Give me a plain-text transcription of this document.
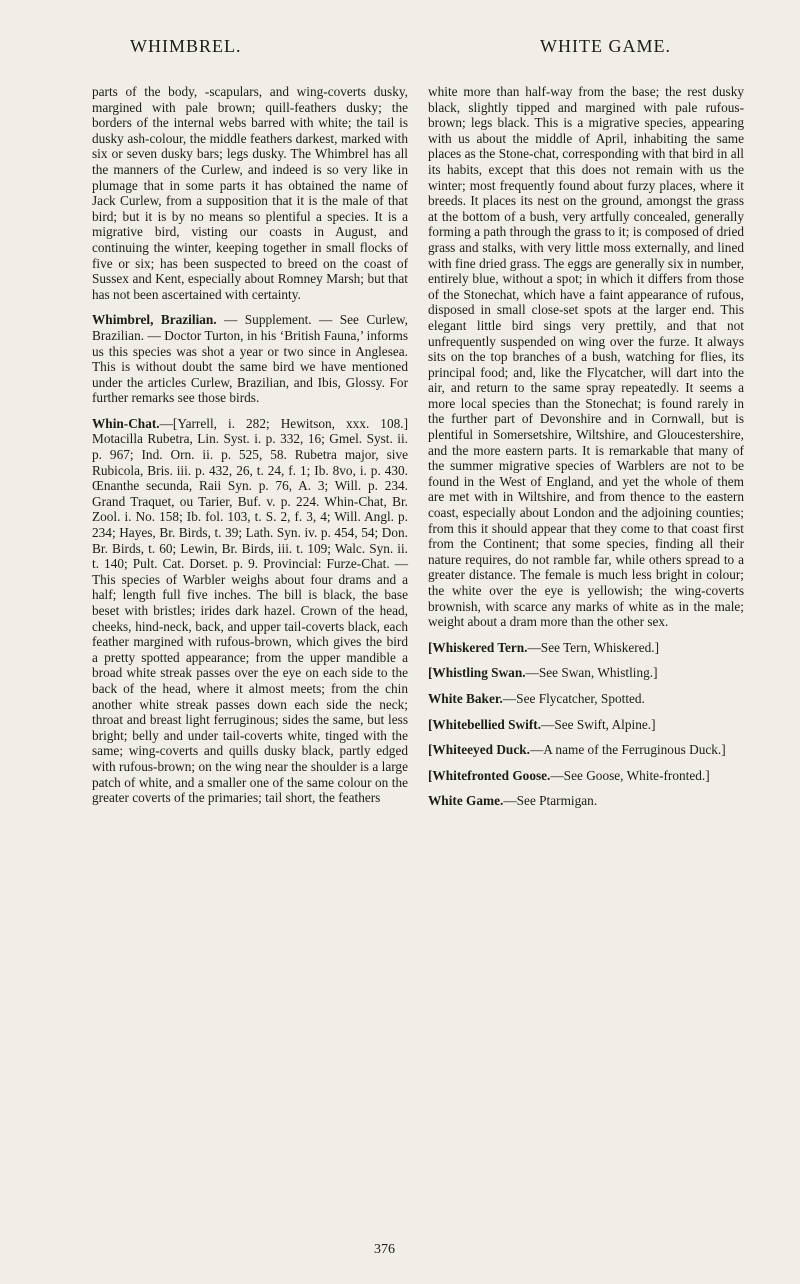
WHIMBREL.	WHITE GAME.

parts of the body, -scapulars, and wing-coverts dusky, margined with pale brown; quill-feathers dusky; the borders of the internal webs barred with white; the tail is dusky ash-colour, the middle feathers darkest, marked with six or seven dusky bars; legs dusky. The Whimbrel has all the manners of the Curlew, and indeed is so very like in plumage that in some parts it has obtained the name of Jack Curlew, from a supposition that it is the male of that bird; but it is by no means so plentiful a species. It is a migrative bird, visting our coasts in August, and continuing the winter, keeping together in small flocks of five or six; has been suspected to breed on the coast of Sussex and Kent, especially about Romney Marsh; but that has not been ascertained with certainty.

Whimbrel, Brazilian. — Supplement. — See Curlew, Brazilian. — Doctor Turton, in his ‘British Fauna,’ informs us this species was shot a year or two since in Anglesea. This is without doubt the same bird we have mentioned under the articles Curlew, Brazilian, and Ibis, Glossy. For further remarks see those birds.

Whin-Chat.—[Yarrell, i. 282; Hewitson, xxx. 108.] Motacilla Rubetra, Lin. Syst. i. p. 332, 16; Gmel. Syst. ii. p. 967; Ind. Orn. ii. p. 525, 58. Rubetra major, sive Rubicola, Bris. iii. p. 432, 26, t. 24, f. 1; Ib. 8vo, i. p. 430. Œnanthe secunda, Raii Syn. p. 76, A. 3; Will. p. 234. Grand Traquet, ou Tarier, Buf. v. p. 224. Whin-Chat, Br. Zool. i. No. 158; Ib. fol. 103, t. S. 2, f. 3, 4; Will. Angl. p. 234; Hayes, Br. Birds, t. 39; Lath. Syn. iv. p. 454, 54; Don. Br. Birds, t. 60; Lewin, Br. Birds, iii. t. 109; Walc. Syn. ii. t. 140; Pult. Cat. Dorset. p. 9. Provincial: Furze-Chat. —This species of Warbler weighs about four drams and a half; length full five inches. The bill is black, the base beset with bristles; irides dark hazel. Crown of the head, cheeks, hind-neck, back, and upper tail-coverts black, each feather margined with rufous-brown, which gives the bird a pretty spotted appearance; from the upper mandible a broad white streak passes over the eye on each side to the back of the head, where it almost meets; from the chin another white streak passes down each side the neck; throat and breast light ferruginous; sides the same, but less bright; belly and under tail-coverts white, tinged with the same; wing-coverts and quills dusky black, partly edged with rufous-brown; on the wing near the shoulder is a large patch of white, and a smaller one of the same colour on the greater coverts of the primaries; tail short, the feathers

white more than half-way from the base; the rest dusky black, slightly tipped and margined with pale rufous-brown; legs black. This is a migrative species, appearing with us about the middle of April, inhabiting the same places as the Stone-chat, corresponding with that bird in all its habits, except that this does not remain with us the winter; most frequently found about furzy places, where it breeds. It places its nest on the ground, amongst the grass at the bottom of a bush, very artfully concealed, generally forming a path through the grass to it; is composed of dried grass and stalks, with very little moss externally, and lined with fine dried grass. The eggs are generally six in number, entirely blue, without a spot; in which it differs from those of the Stonechat, which have a faint appearance of rufous, disposed in small close-set spots at the larger end. This elegant little bird sings very prettily, and that not unfrequently suspended on wing over the furze. It always sits on the top branches of a bush, watching for flies, its principal food; and, like the Flycatcher, will dart into the air, and return to the same spray repeatedly. It seems a more local species than the Stonechat; is found rarely in the further part of Devonshire and in Cornwall, but is plentiful in Somersetshire, Wiltshire, and Gloucestershire, and the more eastern parts. It is remarkable that many of the summer migrative species of Warblers are not to be found in the West of England, and yet the whole of them are met with in Wiltshire, and from thence to the eastern coast, especially about London and the adjoining counties; from this it should appear that they come to that coast first from the Continent; that some species, finding all their nature requires, do not ramble far, while others spread to a greater distance. The female is much less bright in colour; the white over the eye is yellowish; the wing-coverts brownish, with scarce any marks of white as in the male; weight about a dram more than the other sex.

[Whiskered Tern.—See Tern, Whiskered.]

[Whistling Swan.—See Swan, Whistling.]

White Baker.—See Flycatcher, Spotted.

[Whitebellied Swift.—See Swift, Alpine.]

[Whiteeyed Duck.—A name of the Ferruginous Duck.]

[Whitefronted Goose.—See Goose, White-fronted.]

White Game.—See Ptarmigan.

376
